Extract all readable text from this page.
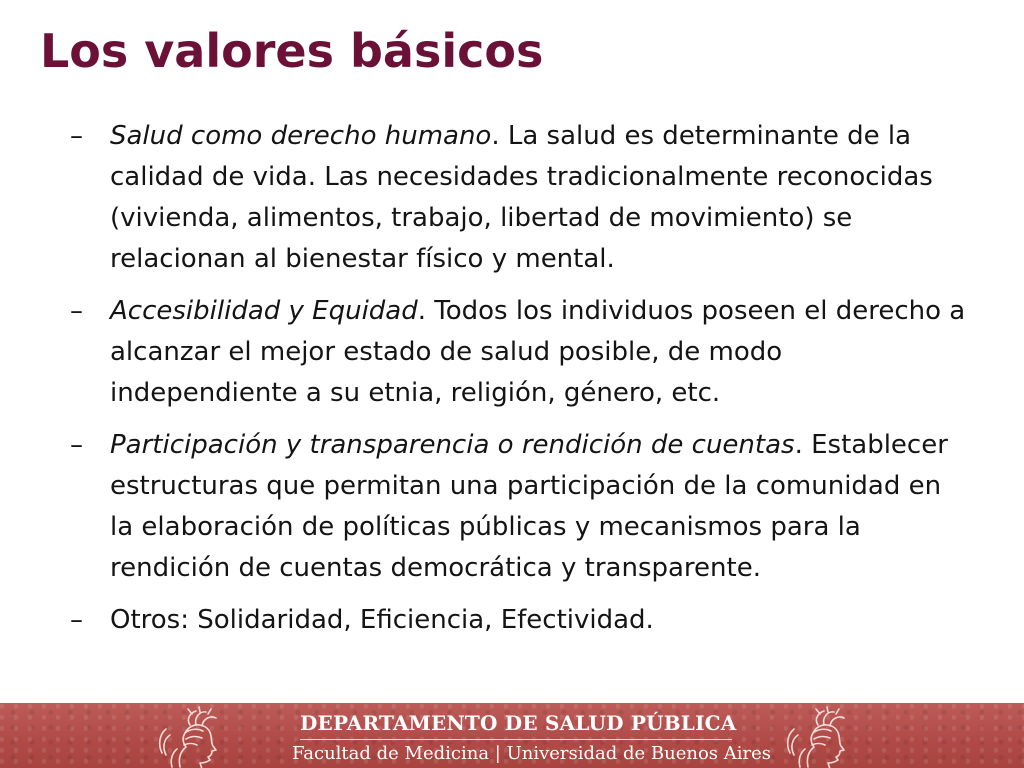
Los valores básicos
–	Salud como derecho humano. La salud es determinante de la calidad de vida. Las necesidades tradicionalmente reconocidas (vivienda, alimentos, trabajo, libertad de movimiento) se relacionan al bienestar físico y mental.
–	Accesibilidad y Equidad. Todos los individuos poseen el derecho a alcanzar el mejor estado de salud posible, de modo independiente a su etnia, religión, género, etc.
–	Participación y transparencia o rendición de cuentas. Establecer estructuras que permitan una participación de la comunidad en la elaboración de políticas públicas y mecanismos para la rendición de cuentas democrática y transparente.
–	Otros: Solidaridad, Eficiencia, Efectividad.
DEPARTAMENTO DE SALUD PÚBLICA
Facultad de Medicina | Universidad de Buenos Aires
